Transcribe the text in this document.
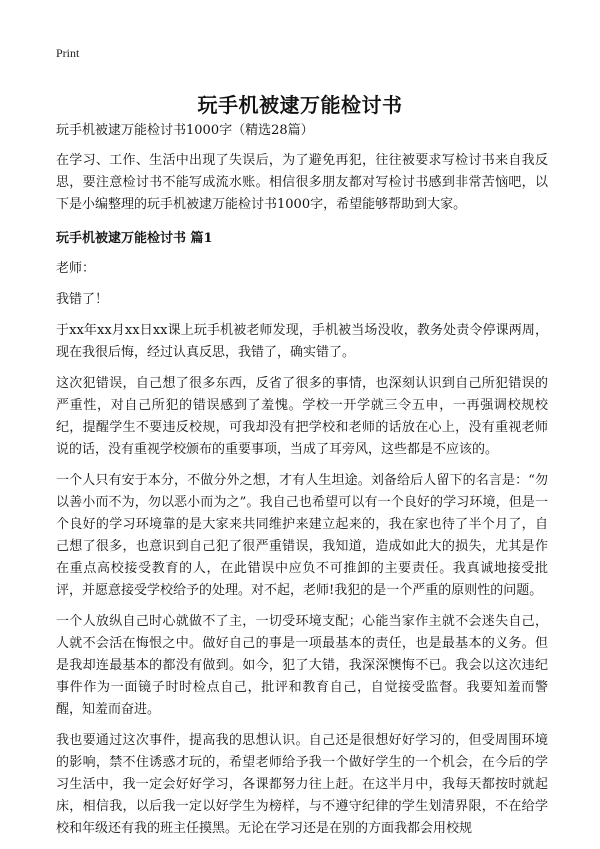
Print
玩手机被逮万能检讨书

玩手机被逮万能检讨书1000字（精选28篇）

在学习、工作、生活中出现了失误后，为了避免再犯，往往被要求写检讨书来自我反思，要注意检讨书不能写成流水账。相信很多朋友都对写检讨书感到非常苦恼吧，以下是小编整理的玩手机被逮万能检讨书1000字，希望能够帮助到大家。

玩手机被逮万能检讨书 篇1

老师：

我错了！

于xx年xx月xx日xx课上玩手机被老师发现，手机被当场没收，教务处责令停课两周，现在我很后悔，经过认真反思，我错了，确实错了。

这次犯错误，自己想了很多东西，反省了很多的事情，也深刻认识到自己所犯错误的严重性，对自己所犯的错误感到了羞愧。学校一开学就三令五申，一再强调校规校纪，提醒学生不要违反校规，可我却没有把学校和老师的话放在心上，没有重视老师说的话，没有重视学校颁布的重要事项，当成了耳旁风，这些都是不应该的。

一个人只有安于本分，不做分外之想，才有人生坦途。刘备给后人留下的名言是：“勿以善小而不为，勿以恶小而为之”。我自己也希望可以有一个良好的学习环境，但是一个良好的学习环境靠的是大家来共同维护来建立起来的，我在家也待了半个月了，自己想了很多，也意识到自己犯了很严重错误，我知道，造成如此大的损失，尤其是作在重点高校接受教育的人，在此错误中应负不可推卸的主要责任。我真诚地接受批评，并愿意接受学校给予的处理。对不起，老师!我犯的是一个严重的原则性的问题。

一个人放纵自己时心就做不了主，一切受环境支配；心能当家作主就不会迷失自己，人就不会活在悔恨之中。做好自己的事是一项最基本的责任，也是最基本的义务。但是我却连最基本的都没有做到。如今，犯了大错，我深深懊悔不已。我会以这次违纪事件作为一面镜子时时检点自己，批评和教育自己，自觉接受监督。我要知羞而警醒，知羞而奋进。

我也要通过这次事件，提高我的思想认识。自己还是很想好好学习的，但受周围环境的影响，禁不住诱惑才玩的，希望老师给予我一个做好学生的一个机会，在今后的学习生活中，我一定会好好学习，各课都努力往上赶。在这半月中，我每天都按时就起床，相信我，以后我一定以好学生为榜样，与不遵守纪律的学生划清界限，不在给学校和年级还有我的班主任摸黑。无论在学习还是在别的方面我都会用校规
